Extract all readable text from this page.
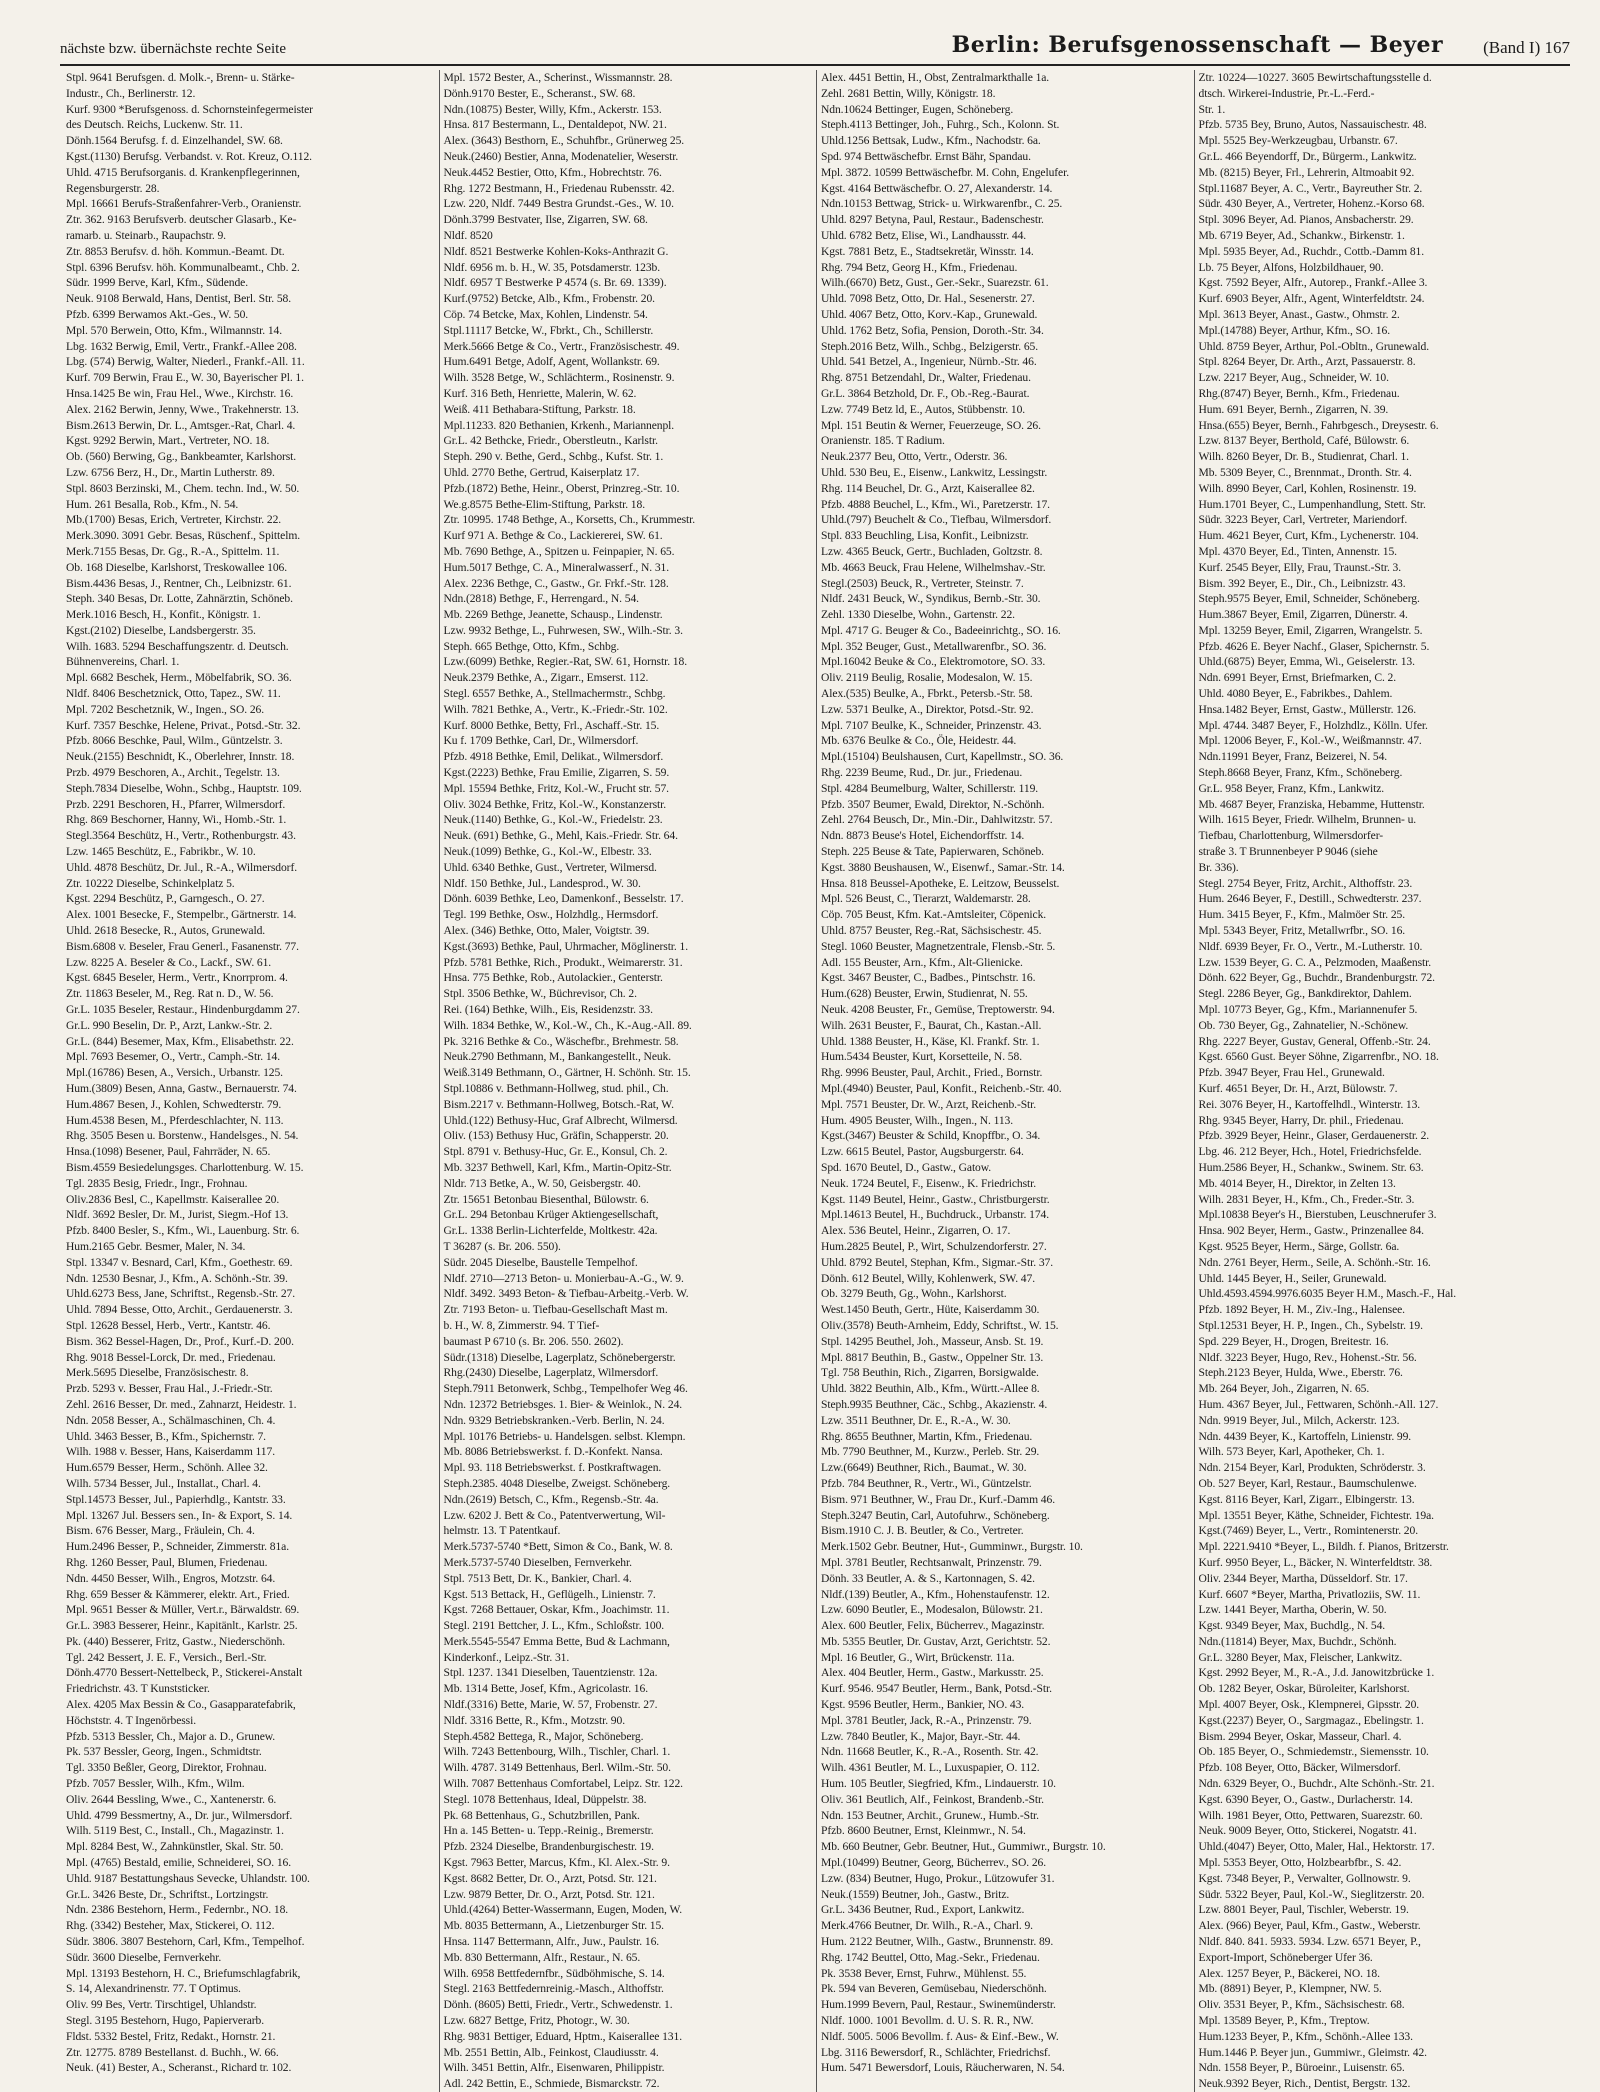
nächste bzw. übernächste rechte Seite	Berlin: Berufsgenossenschaft — Beyer (Band I) 167
Stpl. 9641 Berufsgen. d. Molk.-, Brenn- u. Stärke-
Industr., Ch., Berlinerstr. 12.
Kurf. 9300 *Berufsgenoss. d. Schornsteinfegermeister
des Deutsch. Reichs, Luckenw. Str. 11.
Dönh.1564 Berufsg. f. d. Einzelhandel, SW. 68.
Kgst.(1130) Berufsg. Verbandst. v. Rot. Kreuz, O.112.
Uhld. 4715 Berufsorganis. d. Krankenpflegerinnen,
Regensburgerstr. 28.
Mpl. 16661 Berufs-Straßenfahrer-Verb., Oranienstr.
Ztr. 362. 9163 Berufsverb. deutscher Glasarb., Ke-
ramarb. u. Steinarb., Raupachstr. 9.
Ztr. 8853 Berufsv. d. höh. Kommun.-Beamt. Dt.
Stpl. 6396 Berufsv. höh. Kommunalbeamt., Chb. 2.
Südr. 1999 Berve, Karl, Kfm., Südende.
Neuk. 9108 Berwald, Hans, Dentist, Berl. Str. 58.
Pfzb. 6399 Berwamos Akt.-Ges., W. 50.
Mpl. 570 Berwein, Otto, Kfm., Wilmannstr. 14.
Lbg. 1632 Berwig, Emil, Vertr., Frankf.-Allee 208.
Lbg. (574) Berwig, Walter, Niederl., Frankf.-All. 11.
Kurf. 709 Berwin, Frau E., W. 30, Bayerischer Pl. 1.
Hnsa.1425 Be win, Frau Hel., Wwe., Kirchstr. 16.
Alex. 2162 Berwin, Jenny, Wwe., Trakehnerstr. 13.
Bism.2613 Berwin, Dr. L., Amtsger.-Rat, Charl. 4.
Kgst. 9292 Berwin, Mart., Vertreter, NO. 18.
Ob. (560) Berwing, Gg., Bankbeamter, Karlshorst.
Lzw. 6756 Berz, H., Dr., Martin Lutherstr. 89.
Stpl. 8603 Berzinski, M., Chem. techn. Ind., W. 50.
Hum. 261 Besalla, Rob., Kfm., N. 54.
Mb.(1700) Besas, Erich, Vertreter, Kirchstr. 22.
Merk.3090. 3091 Gebr. Besas, Rüschenf., Spittelm.
Merk.7155 Besas, Dr. Gg., R.-A., Spittelm. 11.
Ob. 168 Dieselbe, Karlshorst, Treskowallee 106.
Bism.4436 Besas, J., Rentner, Ch., Leibnizstr. 61.
Steph. 340 Besas, Dr. Lotte, Zahnärztin, Schöneb.
Merk.1016 Besch, H., Konfit., Königstr. 1.
Kgst.(2102) Dieselbe, Landsbergerstr. 35.
Wilh. 1683. 5294 Beschaffungszentr. d. Deutsch.
Bühnenvereins, Charl. 1.
Mpl. 6682 Beschek, Herm., Möbelfabrik, SO. 36.
Nldf. 8406 Beschetznick, Otto, Tapez., SW. 11.
Mpl. 7202 Beschetznik, W., Ingen., SO. 26.
Kurf. 7357 Beschke, Helene, Privat., Potsd.-Str. 32.
Pfzb. 8066 Beschke, Paul, Wilm., Güntzelstr. 3.
Neuk.(2155) Beschnidt, K., Oberlehrer, Innstr. 18.
Przb. 4979 Beschoren, A., Archit., Tegelstr. 13.
Steph.7834 Dieselbe, Wohn., Schbg., Hauptstr. 109.
Przb. 2291 Beschoren, H., Pfarrer, Wilmersdorf.
Rhg. 869 Beschorner, Hanny, Wi., Homb.-Str. 1.
Stegl.3564 Beschütz, H., Vertr., Rothenburgstr. 43.
Lzw. 1465 Beschütz, E., Fabrikbr., W. 10.
Uhld. 4878 Beschütz, Dr. Jul., R.-A., Wilmersdorf.
Ztr. 10222 Dieselbe, Schinkelplatz 5.
Kgst. 2294 Beschütz, P., Garngesch., O. 27.
Alex. 1001 Besecke, F., Stempelbr., Gärtnerstr. 14.
Uhld. 2618 Besecke, R., Autos, Grunewald.
Bism.6808 v. Beseler, Frau Generl., Fasanenstr. 77.
Lzw. 8225 A. Beseler & Co., Lackf., SW. 61.
Kgst. 6845 Beseler, Herm., Vertr., Knorrprom. 4.
Ztr. 11863 Beseler, M., Reg. Rat n. D., W. 56.
Gr.L. 1035 Beseler, Restaur., Hindenburgdamm 27.
Gr.L. 990 Beselin, Dr. P., Arzt, Lankw.-Str. 2.
Gr.L. (844) Besemer, Max, Kfm., Elisabethstr. 22.
Mpl. 7693 Besemer, O., Vertr., Camph.-Str. 14.
Mpl.(16786) Besen, A., Versich., Urbanstr. 125.
Hum.(3809) Besen, Anna, Gastw., Bernauerstr. 74.
Hum.4867 Besen, J., Kohlen, Schwedterstr. 79.
Hum.4538 Besen, M., Pferdeschlachter, N. 113.
Rhg. 3505 Besen u. Borstenw., Handelsges., N. 54.
Hnsa.(1098) Besener, Paul, Fahrräder, N. 65.
Bism.4559 Besiedelungsges. Charlottenburg. W. 15.
Tgl. 2835 Besig, Friedr., Ingr., Frohnau.
Oliv.2836 Besl, C., Kapellmstr. Kaiserallee 20.
Nldf. 3692 Besler, Dr. M., Jurist, Siegm.-Hof 13.
Pfzb. 8400 Besler, S., Kfm., Wi., Lauenburg. Str. 6.
Hum.2165 Gebr. Besmer, Maler, N. 34.
Stpl. 13347 v. Besnard, Carl, Kfm., Goethestr. 69.
Ndn. 12530 Besnar, J., Kfm., A. Schönh.-Str. 39.
Uhld.6273 Bess, Jane, Schriftst., Regensb.-Str. 27.
Uhld. 7894 Besse, Otto, Archit., Gerdauenerstr. 3.
Stpl. 12628 Bessel, Herb., Vertr., Kantstr. 46.
Bism. 362 Bessel-Hagen, Dr., Prof., Kurf.-D. 200.
Rhg. 9018 Bessel-Lorck, Dr. med., Friedenau.
Merk.5695 Dieselbe, Französischestr. 8.
Przb. 5293 v. Besser, Frau Hal., J.-Friedr.-Str.
Zehl. 2616 Besser, Dr. med., Zahnarzt, Heidestr. 1.
Ndn. 2058 Besser, A., Schälmaschinen, Ch. 4.
Uhld. 3463 Besser, B., Kfm., Spichernstr. 7.
Wilh. 1988 v. Besser, Hans, Kaiserdamm 117.
Hum.6579 Besser, Herm., Schönh. Allee 32.
Wilh. 5734 Besser, Jul., Installat., Charl. 4.
Stpl.14573 Besser, Jul., Papierhdlg., Kantstr. 33.
Mpl. 13267 Jul. Bessers sen., In- & Export, S. 14.
Bism. 676 Besser, Marg., Fräulein, Ch. 4.
Hum.2496 Besser, P., Schneider, Zimmerstr. 81a.
Rhg. 1260 Besser, Paul, Blumen, Friedenau.
Ndn. 4450 Besser, Wilh., Engros, Motzstr. 64.
Rhg. 659 Besser & Kämmerer, elektr. Art., Fried.
Mpl. 9651 Besser & Müller, Vert.r., Bärwaldstr. 69.
Gr.L. 3983 Besserer, Heinr., Kapitänlt., Karlstr. 25.
Pk. (440) Besserer, Fritz, Gastw., Niederschönh.
Tgl. 242 Bessert, J. E. F., Versich., Berl.-Str.
Dönh.4770 Bessert-Nettelbeck, P., Stickerei-Anstalt
Friedrichstr. 43. T Kunststicker.
Alex. 4205 Max Bessin & Co., Gasapparatefabrik,
Höchststr. 4. T Ingenörbessi.
Pfzb. 5313 Bessler, Ch., Major a. D., Grunew.
Pk. 537 Bessler, Georg, Ingen., Schmidtstr.
Tgl. 3350 Beßler, Georg, Direktor, Frohnau.
Pfzb. 7057 Bessler, Wilh., Kfm., Wilm.
Oliv. 2644 Bessling, Wwe., C., Xantenerstr. 6.
Uhld. 4799 Bessmertny, A., Dr. jur., Wilmersdorf.
Wilh. 5119 Best, C., Install., Ch., Magazinstr. 1.
Mpl. 8284 Best, W., Zahnkünstler, Skal. Str. 50.
Mpl. (4765) Bestald, emilie, Schneiderei, SO. 16.
Uhld. 9187 Bestattungshaus Sevecke, Uhlandstr. 100.
Gr.L. 3426 Beste, Dr., Schriftst., Lortzingstr.
Ndn. 2386 Bestehorn, Herm., Federnbr., NO. 18.
Rhg. (3342) Besteher, Max, Stickerei, O. 112.
Südr. 3806. 3807 Bestehorn, Carl, Kfm., Tempelhof.
Südr. 3600 Dieselbe, Fernverkehr.
Mpl. 13193 Bestehorn, H. C., Briefumschlagfabrik,
S. 14, Alexandrinenstr. 77. T Optimus.
Oliv. 99 Bes, Vertr. Tirschtigel, Uhlandstr.
Stegl. 3195 Bestehorn, Hugo, Papierverarb.
Fldst. 5332 Bestel, Fritz, Redakt., Hornstr. 21.
Ztr. 12775. 8789 Bestellanst. d. Buchh., W. 66.
Neuk. (41) Bester, A., Scheranst., Richard tr. 102.
Mpl. 1572 Bester, A., Scherinst., Wissmannstr. 28.
Dönh.9170 Bester, E., Scheranst., SW. 68.
Ndn.(10875) Bester, Willy, Kfm., Ackerstr. 153.
Hnsa. 817 Bestermann, L., Dentaldepot, NW. 21.
Alex. (3643) Besthorn, E., Schuhfbr., Grünerweg 25.
Neuk.(2460) Bestier, Anna, Modenatelier, Weserstr.
Neuk.4452 Bestier, Otto, Kfm., Hobrechtstr. 76.
Rhg. 1272 Bestmann, H., Friedenau Rubensstr. 42.
Lzw. 220, Nldf. 7449 Bestra Grundst.-Ges., W. 10.
Dönh.3799 Bestvater, Ilse, Zigarren, SW. 68.
Nldf. 8520
Nldf. 8521 Bestwerke Kohlen-Koks-Anthrazit G.
Nldf. 6956 m. b. H., W. 35, Potsdamerstr. 123b.
Nldf. 6957 T Bestwerke P 4574 (s. Br. 69. 1339).
Kurf.(9752) Betcke, Alb., Kfm., Frobenstr. 20.
Cöp. 74 Betcke, Max, Kohlen, Lindenstr. 54.
Stpl.11117 Betcke, W., Fbrkt., Ch., Schillerstr.
Merk.5666 Betge & Co., Vertr., Französischestr. 49.
Hum.6491 Betge, Adolf, Agent, Wollankstr. 69.
Wilh. 3528 Betge, W., Schlächterm., Rosinenstr. 9.
Kurf. 316 Beth, Henriette, Malerin, W. 62.
Weiß. 411 Bethabara-Stiftung, Parkstr. 18.
Mpl.11233. 820 Bethanien, Krkenh., Mariannenpl.
Gr.L. 42 Bethcke, Friedr., Oberstleutn., Karlstr.
Steph. 290 v. Bethe, Gerd., Schbg., Kufst. Str. 1.
Uhld. 2770 Bethe, Gertrud, Kaiserplatz 17.
Pfzb.(1872) Bethe, Heinr., Oberst, Prinzreg.-Str. 10.
We.g.8575 Bethe-Elim-Stiftung, Parkstr. 18.
Ztr. 10995. 1748 Bethge, A., Korsetts, Ch., Krummestr.
Kurf 971 A. Bethge & Co., Lackiererei, SW. 61.
Mb. 7690 Bethge, A., Spitzen u. Feinpapier, N. 65.
Hum.5017 Bethge, C. A., Mineralwasserf., N. 31.
Alex. 2236 Bethge, C., Gastw., Gr. Frkf.-Str. 128.
Ndn.(2818) Bethge, F., Herrengard., N. 54.
Mb. 2269 Bethge, Jeanette, Schausp., Lindenstr.
Lzw. 9932 Bethge, L., Fuhrwesen, SW., Wilh.-Str. 3.
Steph. 665 Bethge, Otto, Kfm., Schbg.
Lzw.(6099) Bethke, Regier.-Rat, SW. 61, Hornstr. 18.
Neuk.2379 Bethke, A., Zigarr., Emserst. 112.
Stegl. 6557 Bethke, A., Stellmachermstr., Schbg.
Wilh. 7821 Bethke, A., Vertr., K.-Friedr.-Str. 102.
Kurf. 8000 Bethke, Betty, Frl., Aschaff.-Str. 15.
Ku f. 1709 Bethke, Carl, Dr., Wilmersdorf.
Pfzb. 4918 Bethke, Emil, Delikat., Wilmersdorf.
Kgst.(2223) Bethke, Frau Emilie, Zigarren, S. 59.
Mpl. 15594 Bethke, Fritz, Kol.-W., Frucht str. 57.
Oliv. 3024 Bethke, Fritz, Kol.-W., Konstanzerstr.
Neuk.(1140) Bethke, G., Kol.-W., Friedelstr. 23.
Neuk. (691) Bethke, G., Mehl, Kais.-Friedr. Str. 64.
Neuk.(1099) Bethke, G., Kol.-W., Elbestr. 33.
Uhld. 6340 Bethke, Gust., Vertreter, Wilmersd.
Nldf. 150 Bethke, Jul., Landesprod., W. 30.
Dönh. 6039 Bethke, Leo, Damenkonf., Besselstr. 17.
Tegl. 199 Bethke, Osw., Holzhdlg., Hermsdorf.
Alex. (346) Bethke, Otto, Maler, Voigtstr. 39.
Kgst.(3693) Bethke, Paul, Uhrmacher, Möglinerstr. 1.
Pfzb. 5781 Bethke, Rich., Produkt., Weimarerstr. 31.
Hnsa. 775 Bethke, Rob., Autolackier., Genterstr.
Stpl. 3506 Bethke, W., Büchrevisor, Ch. 2.
Rei. (164) Bethke, Wilh., Eis, Residenzstr. 33.
Wilh. 1834 Bethke, W., Kol.-W., Ch., K.-Aug.-All. 89.
Pk. 3216 Bethke & Co., Wäschefbr., Brehmestr. 58.
Neuk.2790 Bethmann, M., Bankangestellt., Neuk.
Weiß.3149 Bethmann, O., Gärtner, H. Schönh. Str. 15.
Stpl.10886 v. Bethmann-Hollweg, stud. phil., Ch.
Bism.2217 v. Bethmann-Hollweg, Botsch.-Rat, W.
Uhld.(122) Bethusy-Huc, Graf Albrecht, Wilmersd.
Oliv. (153) Bethusy Huc, Gräfin, Schapperstr. 20.
Stpl. 8791 v. Bethusy-Huc, Gr. E., Konsul, Ch. 2.
Mb. 3237 Bethwell, Karl, Kfm., Martin-Opitz-Str.
Nldr. 713 Betke, A., W. 50, Geisbergstr. 40.
Ztr. 15651 Betonbau Biesenthal, Bülowstr. 6.
Gr.L. 294 Betonbau Krüger Aktiengesellschaft,
Gr.L. 1338 Berlin-Lichterfelde, Moltkestr. 42a.
T 36287 (s. Br. 206. 550).
Südr. 2045 Dieselbe, Baustelle Tempelhof.
Nldf. 2710—2713 Beton- u. Monierbau-A.-G., W. 9.
Nldf. 3492. 3493 Beton- & Tiefbau-Arbeitg.-Verb. W.
Ztr. 7193 Beton- u. Tiefbau-Gesellschaft Mast m.
b. H., W. 8, Zimmerstr. 94. T Tief-
baumast P 6710 (s. Br. 206. 550. 2602).
Südr.(1318) Dieselbe, Lagerplatz, Schönebergerstr.
Rhg.(2430) Dieselbe, Lagerplatz, Wilmersdorf.
Steph.7911 Betonwerk, Schbg., Tempelhofer Weg 46.
Ndn. 12372 Betriebsges. 1. Bier- & Weinlok., N. 24.
Ndn. 9329 Betriebskranken.-Verb. Berlin, N. 24.
Mpl. 10176 Betriebs- u. Handelsgen. selbst. Klempn.
Mb. 8086 Betriebswerkst. f. D.-Konfekt. Nansa.
Mpl. 93. 118 Betriebswerkst. f. Postkraftwagen.
Steph.2385. 4048 Dieselbe, Zweigst. Schöneberg.
Ndn.(2619) Betsch, C., Kfm., Regensb.-Str. 4a.
Lzw. 6202 J. Bett & Co., Patentverwertung, Wil-
helmstr. 13. T Patentkauf.
Merk.5737-5740 *Bett, Simon & Co., Bank, W. 8.
Merk.5737-5740 Dieselben, Fernverkehr.
Stpl. 7513 Bett, Dr. K., Bankier, Charl. 4.
Kgst. 513 Bettack, H., Geflügelh., Linienstr. 7.
Kgst. 7268 Bettauer, Oskar, Kfm., Joachimstr. 11.
Stegl. 2191 Bettcher, J. L., Kfm., Schloßstr. 100.
Merk.5545-5547 Emma Bette, Bud & Lachmann,
Kinderkonf., Leipz.-Str. 31.
Stpl. 1237. 1341 Dieselben, Tauentzienstr. 12a.
Mb. 1314 Bette, Josef, Kfm., Agricolastr. 16.
Nldf.(3316) Bette, Marie, W. 57, Frobenstr. 27.
Nldf. 3316 Bette, R., Kfm., Motzstr. 90.
Steph.4582 Bettega, R., Major, Schöneberg.
Wilh. 7243 Bettenbourg, Wilh., Tischler, Charl. 1.
Wilh. 4787. 3149 Bettenhaus, Berl. Wilm.-Str. 50.
Wilh. 7087 Bettenhaus Comfortabel, Leipz. Str. 122.
Stegl. 1078 Bettenhaus, Ideal, Düppelstr. 38.
Pk. 68 Bettenhaus, G., Schutzbrillen, Pank.
Hn a. 145 Betten- u. Tepp.-Reinig., Bremerstr.
Pfzb. 2324 Dieselbe, Brandenburgischestr. 19.
Kgst. 7963 Better, Marcus, Kfm., Kl. Alex.-Str. 9.
Kgst. 8682 Better, Dr. O., Arzt, Potsd. Str. 121.
Lzw. 9879 Better, Dr. O., Arzt, Potsd. Str. 121.
Uhld.(4264) Better-Wassermann, Eugen, Moden, W.
Mb. 8035 Bettermann, A., Lietzenburger Str. 15.
Hnsa. 1147 Bettermann, Alfr., Juw., Paulstr. 16.
Mb. 830 Bettermann, Alfr., Restaur., N. 65.
Wilh. 6958 Bettfedernfbr., Südböhmische, S. 14.
Stegl. 2163 Bettfedernreinig.-Masch., Althoffstr.
Dönh. (8605) Betti, Friedr., Vertr., Schwedenstr. 1.
Lzw. 6827 Bettge, Fritz, Photogr., W. 30.
Rhg. 9831 Bettiger, Eduard, Hptm., Kaiserallee 131.
Mb. 2551 Bettin, Alb., Feinkost, Claudiusstr. 4.
Wilh. 3451 Bettin, Alfr., Eisenwaren, Philippistr.
Adl. 242 Bettin, E., Schmiede, Bismarckstr. 72.
Alex. 4451 Bettin, H., Obst, Zentralmarkthalle 1a.
Zehl. 2681 Bettin, Willy, Königstr. 18.
Ndn.10624 Bettinger, Eugen, Schöneberg.
Steph.4113 Bettinger, Joh., Fuhrg., Sch., Kolonn. St.
Uhld.1256 Bettsak, Ludw., Kfm., Nachodstr. 6a.
Spd. 974 Bettwäschefbr. Ernst Bähr, Spandau.
Mpl. 3872. 10599 Bettwäschefbr. M. Cohn, Engelufer.
Kgst. 4164 Bettwäschefbr. O. 27, Alexanderstr. 14.
Ndn.10153 Bettwag, Strick- u. Wirkwarenfbr., C. 25.
Uhld. 8297 Betyna, Paul, Restaur., Badenschestr.
Uhld. 6782 Betz, Elise, Wi., Landhausstr. 44.
Kgst. 7881 Betz, E., Stadtsekretär, Winsstr. 14.
Rhg. 794 Betz, Georg H., Kfm., Friedenau.
Wilh.(6670) Betz, Gust., Ger.-Sekr., Suarezstr. 61.
Uhld. 7098 Betz, Otto, Dr. Hal., Sesenerstr. 27.
Uhld. 4067 Betz, Otto, Korv.-Kap., Grunewald.
Uhld. 1762 Betz, Sofia, Pension, Doroth.-Str. 34.
Steph.2016 Betz, Wilh., Schbg., Belzigerstr. 65.
Uhld. 541 Betzel, A., Ingenieur, Nürnb.-Str. 46.
Rhg. 8751 Betzendahl, Dr., Walter, Friedenau.
Gr.L. 3864 Betzhold, Dr. F., Ob.-Reg.-Baurat.
Lzw. 7749 Betz ld, E., Autos, Stübbenstr. 10.
Mpl. 151 Beutin & Werner, Feuerzeuge, SO. 26.
Oranienstr. 185. T Radium.
Neuk.2377 Beu, Otto, Vertr., Oderstr. 36.
Uhld. 530 Beu, E., Eisenw., Lankwitz, Lessingstr.
Rhg. 114 Beuchel, Dr. G., Arzt, Kaiserallee 82.
Pfzb. 4888 Beuchel, L., Kfm., Wi., Paretzerstr. 17.
Uhld.(797) Beuchelt & Co., Tiefbau, Wilmersdorf.
Stpl. 833 Beuchling, Lisa, Konfit., Leibnizstr.
Lzw. 4365 Beuck, Gertr., Buchladen, Goltzstr. 8.
Mb. 4663 Beuck, Frau Helene, Wilhelmshav.-Str.
Stegl.(2503) Beuck, R., Vertreter, Steinstr. 7.
Nldf. 2431 Beuck, W., Syndikus, Bernb.-Str. 30.
Zehl. 1330 Dieselbe, Wohn., Gartenstr. 22.
Mpl. 4717 G. Beuger & Co., Badeeinrichtg., SO. 16.
Mpl. 352 Beuger, Gust., Metallwarenfbr., SO. 36.
Mpl.16042 Beuke & Co., Elektromotore, SO. 33.
Oliv. 2119 Beulig, Rosalie, Modesalon, W. 15.
Alex.(535) Beulke, A., Fbrkt., Petersb.-Str. 58.
Lzw. 5371 Beulke, A., Direktor, Potsd.-Str. 92.
Mpl. 7107 Beulke, K., Schneider, Prinzenstr. 43.
Mb. 6376 Beulke & Co., Öle, Heidestr. 44.
Mpl.(15104) Beulshausen, Curt, Kapellmstr., SO. 36.
Rhg. 2239 Beume, Rud., Dr. jur., Friedenau.
Stpl. 4284 Beumelburg, Walter, Schillerstr. 119.
Pfzb. 3507 Beumer, Ewald, Direktor, N.-Schönh.
Zehl. 2764 Beusch, Dr., Min.-Dir., Dahlwitzstr. 57.
Ndn. 8873 Beuse's Hotel, Eichendorffstr. 14.
Steph. 225 Beuse & Tate, Papierwaren, Schöneb.
Kgst. 3880 Beushausen, W., Eisenwf., Samar.-Str. 14.
Hnsa. 818 Beussel-Apotheke, E. Leitzow, Beusselst.
Mpl. 526 Beust, C., Tierarzt, Waldemarstr. 28.
Cöp. 705 Beust, Kfm. Kat.-Amtsleiter, Cöpenick.
Uhld. 8757 Beuster, Reg.-Rat, Sächsischestr. 45.
Stegl. 1060 Beuster, Magnetzentrale, Flensb.-Str. 5.
Adl. 155 Beuster, Arn., Kfm., Alt-Glienicke.
Kgst. 3467 Beuster, C., Badbes., Pintschstr. 16.
Hum.(628) Beuster, Erwin, Studienrat, N. 55.
Neuk. 4208 Beuster, Fr., Gemüse, Treptowerstr. 94.
Wilh. 2631 Beuster, F., Baurat, Ch., Kastan.-All.
Uhld. 1388 Beuster, H., Käse, Kl. Frankf. Str. 1.
Hum.5434 Beuster, Kurt, Korsetteile, N. 58.
Rhg. 9996 Beuster, Paul, Archit., Fried., Bornstr.
Mpl.(4940) Beuster, Paul, Konfit., Reichenb.-Str. 40.
Mpl. 7571 Beuster, Dr. W., Arzt, Reichenb.-Str.
Hum. 4905 Beuster, Wilh., Ingen., N. 113.
Kgst.(3467) Beuster & Schild, Knopffbr., O. 34.
Lzw. 6615 Beutel, Pastor, Augsburgerstr. 64.
Spd. 1670 Beutel, D., Gastw., Gatow.
Neuk. 1724 Beutel, F., Eisenw., K. Friedrichstr.
Kgst. 1149 Beutel, Heinr., Gastw., Christburgerstr.
Mpl.14613 Beutel, H., Buchdruck., Urbanstr. 174.
Alex. 536 Beutel, Heinr., Zigarren, O. 17.
Hum.2825 Beutel, P., Wirt, Schulzendorferstr. 27.
Uhld. 8792 Beutel, Stephan, Kfm., Sigmar.-Str. 37.
Dönh. 612 Beutel, Willy, Kohlenwerk, SW. 47.
Ob. 3279 Beuth, Gg., Wohn., Karlshorst.
West.1450 Beuth, Gertr., Hüte, Kaiserdamm 30.
Oliv.(3578) Beuth-Arnheim, Eddy, Schriftst., W. 15.
Stpl. 14295 Beuthel, Joh., Masseur, Ansb. St. 19.
Mpl. 8817 Beuthin, B., Gastw., Oppelner Str. 13.
Tgl. 758 Beuthin, Rich., Zigarren, Borsigwalde.
Uhld. 3822 Beuthin, Alb., Kfm., Württ.-Allee 8.
Steph.9935 Beuthner, Cäc., Schbg., Akazienstr. 4.
Lzw. 3511 Beuthner, Dr. E., R.-A., W. 30.
Rhg. 8655 Beuthner, Martin, Kfm., Friedenau.
Mb. 7790 Beuthner, M., Kurzw., Perleb. Str. 29.
Lzw.(6649) Beuthner, Rich., Baumat., W. 30.
Pfzb. 784 Beuthner, R., Vertr., Wi., Güntzelstr.
Bism. 971 Beuthner, W., Frau Dr., Kurf.-Damm 46.
Steph.3247 Beutin, Carl, Autofuhrw., Schöneberg.
Bism.1910 C. J. B. Beutler, & Co., Vertreter.
Merk.1502 Gebr. Beutner, Hut-, Gumminwr., Burgstr. 10.
Mpl. 3781 Beutler, Rechtsanwalt, Prinzenstr. 79.
Dönh. 33 Beutler, A. & S., Kartonnagen, S. 42.
Nldf.(139) Beutler, A., Kfm., Hohenstaufenstr. 12.
Lzw. 6090 Beutler, E., Modesalon, Bülowstr. 21.
Alex. 600 Beutler, Felix, Bücherrev., Magazinstr.
Mb. 5355 Beutler, Dr. Gustav, Arzt, Gerichtstr. 52.
Mpl. 16 Beutler, G., Wirt, Brückenstr. 11a.
Alex. 404 Beutler, Herm., Gastw., Markusstr. 25.
Kurf. 9546. 9547 Beutler, Herm., Bank, Potsd.-Str.
Kgst. 9596 Beutler, Herm., Bankier, NO. 43.
Mpl. 3781 Beutler, Jack, R.-A., Prinzenstr. 79.
Lzw. 7840 Beutler, K., Major, Bayr.-Str. 44.
Ndn. 11668 Beutler, K., R.-A., Rosenth. Str. 42.
Wilh. 4361 Beutler, M. L., Luxuspapier, O. 112.
Hum. 105 Beutler, Siegfried, Kfm., Lindauerstr. 10.
Oliv. 361 Beutlich, Alf., Feinkost, Brandenb.-Str.
Ndn. 153 Beutner, Archit., Grunew., Humb.-Str.
Pfzb. 8600 Beutner, Ernst, Kleinmwr., N. 54.
Mb. 660 Beutner, Gebr. Beutner, Hut., Gummiwr., Burgstr. 10.
Mpl.(10499) Beutner, Georg, Bücherrev., SO. 26.
Lzw. (834) Beutner, Hugo, Prokur., Lützowufer 31.
Neuk.(1559) Beutner, Joh., Gastw., Britz.
Gr.L. 3436 Beutner, Rud., Export, Lankwitz.
Merk.4766 Beutner, Dr. Wilh., R.-A., Charl. 9.
Hum. 2122 Beutner, Wilh., Gastw., Brunnenstr. 89.
Rhg. 1742 Beuttel, Otto, Mag.-Sekr., Friedenau.
Pk. 3538 Bever, Ernst, Fuhrw., Mühlenst. 55.
Pk. 594 van Beveren, Gemüsebau, Niederschönh.
Hum.1999 Bevern, Paul, Restaur., Swinemünderstr.
Nldf. 1000. 1001 Bevollm. d. U. S. R. R., NW.
Nldf. 5005. 5006 Bevollm. f. Aus- & Einf.-Bew., W.
Lbg. 3116 Bewersdorf, R., Schlächter, Friedrichsf.
Hum. 5471 Bewersdorf, Louis, Räucherwaren, N. 54.
Ztr. 10224—10227. 3605 Bewirtschaftungsstelle d.
dtsch. Wirkerei-Industrie, Pr.-L.-Ferd.-
Str. 1.
Pfzb. 5735 Bey, Bruno, Autos, Nassauischestr. 48.
Mpl. 5525 Bey-Werkzeugbau, Urbanstr. 67.
Gr.L. 466 Beyendorff, Dr., Bürgerm., Lankwitz.
Mb. (8215) Beyer, Frl., Lehrerin, Altmoabit 92.
Stpl.11687 Beyer, A. C., Vertr., Bayreuther Str. 2.
Südr. 430 Beyer, A., Vertreter, Hohenz.-Korso 68.
Stpl. 3096 Beyer, Ad. Pianos, Ansbacherstr. 29.
Mb. 6719 Beyer, Ad., Schankw., Birkenstr. 1.
Mpl. 5935 Beyer, Ad., Ruchdr., Cottb.-Damm 81.
Lb. 75 Beyer, Alfons, Holzbildhauer, 90.
Kgst. 7592 Beyer, Alfr., Autorep., Frankf.-Allee 3.
Kurf. 6903 Beyer, Alfr., Agent, Winterfeldtstr. 24.
Mpl. 3613 Beyer, Anast., Gastw., Ohmstr. 2.
Mpl.(14788) Beyer, Arthur, Kfm., SO. 16.
Uhld. 8759 Beyer, Arthur, Pol.-Obltn., Grunewald.
Stpl. 8264 Beyer, Dr. Arth., Arzt, Passauerstr. 8.
Lzw. 2217 Beyer, Aug., Schneider, W. 10.
Rhg.(8747) Beyer, Bernh., Kfm., Friedenau.
Hum. 691 Beyer, Bernh., Zigarren, N. 39.
Hnsa.(655) Beyer, Bernh., Fahrbgesch., Dreysestr. 6.
Lzw. 8137 Beyer, Berthold, Café, Bülowstr. 6.
Wilh. 8260 Beyer, Dr. B., Studienrat, Charl. 1.
Mb. 5309 Beyer, C., Brennmat., Dronth. Str. 4.
Wilh. 8990 Beyer, Carl, Kohlen, Rosinenstr. 19.
Hum.1701 Beyer, C., Lumpenhandlung, Stett. Str.
Südr. 3223 Beyer, Carl, Vertreter, Mariendorf.
Hum. 4621 Beyer, Curt, Kfm., Lychenerstr. 104.
Mpl. 4370 Beyer, Ed., Tinten, Annenstr. 15.
Kurf. 2545 Beyer, Elly, Frau, Traunst.-Str. 3.
Bism. 392 Beyer, E., Dir., Ch., Leibnizstr. 43.
Steph.9575 Beyer, Emil, Schneider, Schöneberg.
Hum.3867 Beyer, Emil, Zigarren, Dünerstr. 4.
Mpl. 13259 Beyer, Emil, Zigarren, Wrangelstr. 5.
Pfzb. 4626 E. Beyer Nachf., Glaser, Spichernstr. 5.
Uhld.(6875) Beyer, Emma, Wi., Geiselerstr. 13.
Ndn. 6991 Beyer, Ernst, Briefmarken, C. 2.
Uhld. 4080 Beyer, E., Fabrikbes., Dahlem.
Hnsa.1482 Beyer, Ernst, Gastw., Müllerstr. 126.
Mpl. 4744. 3487 Beyer, F., Holzhdlz., Kölln. Ufer.
Mpl. 12006 Beyer, F., Kol.-W., Weißmannstr. 47.
Ndn.11991 Beyer, Franz, Beizerei, N. 54.
Steph.8668 Beyer, Franz, Kfm., Schöneberg.
Gr.L. 958 Beyer, Franz, Kfm., Lankwitz.
Mb. 4687 Beyer, Franziska, Hebamme, Huttenstr.
Wilh. 1615 Beyer, Friedr. Wilhelm, Brunnen- u.
Tiefbau, Charlottenburg, Wilmersdorfer-
straße 3. T Brunnenbeyer P 9046 (siehe
Br. 336).
Stegl. 2754 Beyer, Fritz, Archit., Althoffstr. 23.
Hum. 2646 Beyer, F., Destill., Schwedterstr. 237.
Hum. 3415 Beyer, F., Kfm., Malmöer Str. 25.
Mpl. 5343 Beyer, Fritz, Metallwrfbr., SO. 16.
Nldf. 6939 Beyer, Fr. O., Vertr., M.-Lutherstr. 10.
Lzw. 1539 Beyer, G. C. A., Pelzmoden, Maaßenstr.
Dönh. 622 Beyer, Gg., Buchdr., Brandenburgstr. 72.
Stegl. 2286 Beyer, Gg., Bankdirektor, Dahlem.
Mpl. 10773 Beyer, Gg., Kfm., Mariannenufer 5.
Ob. 730 Beyer, Gg., Zahnatelier, N.-Schönew.
Rhg. 2227 Beyer, Gustav, General, Offenb.-Str. 24.
Kgst. 6560 Gust. Beyer Söhne, Zigarrenfbr., NO. 18.
Pfzb. 3947 Beyer, Frau Hel., Grunewald.
Kurf. 4651 Beyer, Dr. H., Arzt, Bülowstr. 7.
Rei. 3076 Beyer, H., Kartoffelhdl., Winterstr. 13.
Rhg. 9345 Beyer, Harry, Dr. phil., Friedenau.
Pfzb. 3929 Beyer, Heinr., Glaser, Gerdauenerstr. 2.
Lbg. 46. 212 Beyer, Hch., Hotel, Friedrichsfelde.
Hum.2586 Beyer, H., Schankw., Swinem. Str. 63.
Mb. 4014 Beyer, H., Direktor, in Zelten 13.
Wilh. 2831 Beyer, H., Kfm., Ch., Freder.-Str. 3.
Mpl.10838 Beyer's H., Bierstuben, Leuschnerufer 3.
Hnsa. 902 Beyer, Herm., Gastw., Prinzenallee 84.
Kgst. 9525 Beyer, Herm., Särge, Gollstr. 6a.
Ndn. 2761 Beyer, Herm., Seile, A. Schönh.-Str. 16.
Uhld. 1445 Beyer, H., Seiler, Grunewald.
Uhld.4593.4594.9976.6035 Beyer H.M., Masch.-F., Hal.
Pfzb. 1892 Beyer, H. M., Ziv.-Ing., Halensee.
Stpl.12531 Beyer, H. P., Ingen., Ch., Sybelstr. 19.
Spd. 229 Beyer, H., Drogen, Breitestr. 16.
Nldf. 3223 Beyer, Hugo, Rev., Hohenst.-Str. 56.
Steph.2123 Beyer, Hulda, Wwe., Eberstr. 76.
Mb. 264 Beyer, Joh., Zigarren, N. 65.
Hum. 4367 Beyer, Jul., Fettwaren, Schönh.-All. 127.
Ndn. 9919 Beyer, Jul., Milch, Ackerstr. 123.
Ndn. 4439 Beyer, K., Kartoffeln, Linienstr. 99.
Wilh. 573 Beyer, Karl, Apotheker, Ch. 1.
Ndn. 2154 Beyer, Karl, Produkten, Schröderstr. 3.
Ob. 527 Beyer, Karl, Restaur., Baumschulenwe.
Kgst. 8116 Beyer, Karl, Zigarr., Elbingerstr. 13.
Mpl. 13551 Beyer, Käthe, Schneider, Fichtestr. 19a.
Kgst.(7469) Beyer, L., Vertr., Romintenerstr. 20.
Mpl. 2221.9410 *Beyer, L., Bildh. f. Pianos, Britzerstr.
Kurf. 9950 Beyer, L., Bäcker, N. Winterfeldtstr. 38.
Oliv. 2344 Beyer, Martha, Düsseldorf. Str. 17.
Kurf. 6607 *Beyer, Martha, Privatloziis, SW. 11.
Lzw. 1441 Beyer, Martha, Oberin, W. 50.
Kgst. 9349 Beyer, Max, Buchdlg., N. 54.
Ndn.(11814) Beyer, Max, Buchdr., Schönh.
Gr.L. 3280 Beyer, Max, Fleischer, Lankwitz.
Kgst. 2992 Beyer, M., R.-A., J.d. Janowitzbrücke 1.
Ob. 1282 Beyer, Oskar, Büroleiter, Karlshorst.
Mpl. 4007 Beyer, Osk., Klempnerei, Gipsstr. 20.
Kgst.(2237) Beyer, O., Sargmagaz., Ebelingstr. 1.
Bism. 2994 Beyer, Oskar, Masseur, Charl. 4.
Ob. 185 Beyer, O., Schmiedemstr., Siemensstr. 10.
Pfzb. 108 Beyer, Otto, Bäcker, Wilmersdorf.
Ndn. 6329 Beyer, O., Buchdr., Alte Schönh.-Str. 21.
Kgst. 6390 Beyer, O., Gastw., Durlacherstr. 14.
Wilh. 1981 Beyer, Otto, Pettwaren, Suarezstr. 60.
Neuk. 9009 Beyer, Otto, Stickerei, Nogatstr. 41.
Uhld.(4047) Beyer, Otto, Maler, Hal., Hektorstr. 17.
Mpl. 5353 Beyer, Otto, Holzbearbfbr., S. 42.
Kgst. 7348 Beyer, P., Verwalter, Gollnowstr. 9.
Südr. 5322 Beyer, Paul, Kol.-W., Sieglitzerstr. 20.
Lzw. 8801 Beyer, Paul, Tischler, Weberstr. 19.
Alex. (966) Beyer, Paul, Kfm., Gastw., Weberstr.
Nldf. 840. 841. 5933. 5934. Lzw. 6571 Beyer, P.,
Export-Import, Schöneberger Ufer 36.
Alex. 1257 Beyer, P., Bäckerei, NO. 18.
Mb. (8891) Beyer, P., Klempner, NW. 5.
Oliv. 3531 Beyer, P., Kfm., Sächsischestr. 68.
Mpl. 13589 Beyer, P., Kfm., Treptow.
Hum.1233 Beyer, P., Kfm., Schönh.-Allee 133.
Hum.1446 P. Beyer jun., Gummiwr., Gleimstr. 42.
Ndn. 1558 Beyer, P., Büroeinr., Luisenstr. 65.
Neuk.9392 Beyer, Rich., Dentist, Bergstr. 132.
